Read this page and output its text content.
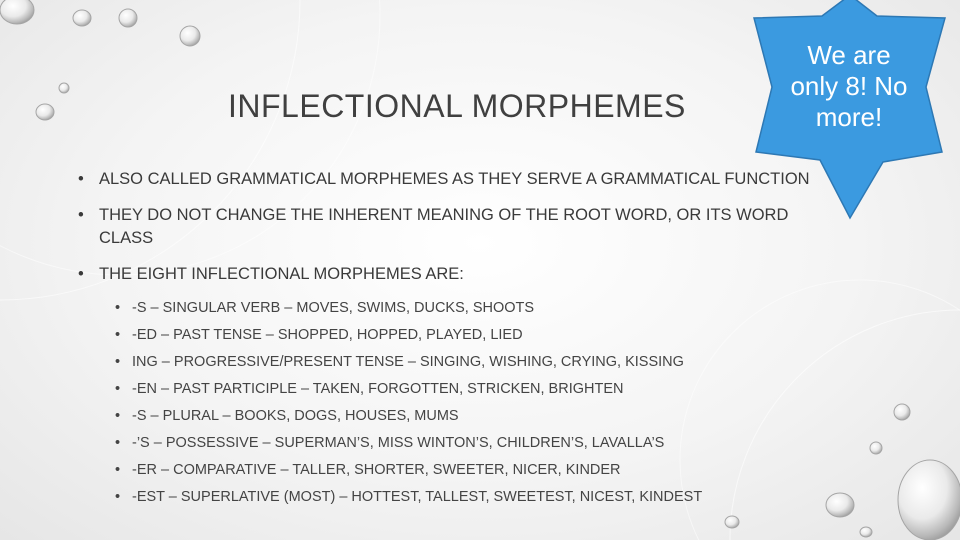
INFLECTIONAL MORPHEMES
• ALSO CALLED GRAMMATICAL MORPHEMES AS THEY SERVE A GRAMMATICAL FUNCTION
• THEY DO NOT CHANGE THE INHERENT MEANING OF THE ROOT WORD, OR ITS WORD CLASS
• THE EIGHT INFLECTIONAL MORPHEMES ARE:
• -S – SINGULAR VERB – MOVES, SWIMS, DUCKS, SHOOTS
• -ED – PAST TENSE – SHOPPED, HOPPED, PLAYED, LIED
• ING – PROGRESSIVE/PRESENT TENSE – SINGING, WISHING, CRYING, KISSING
• -EN – PAST PARTICIPLE – TAKEN, FORGOTTEN, STRICKEN, BRIGHTEN
• -S – PLURAL – BOOKS, DOGS, HOUSES, MUMS
• -’S – POSSESSIVE – SUPERMAN’S, MISS WINTON’S, CHILDREN’S, LAVALLA’S
• -ER – COMPARATIVE – TALLER, SHORTER, SWEETER, NICER, KINDER
• -EST – SUPERLATIVE (MOST) – HOTTEST, TALLEST, SWEETEST, NICEST, KINDEST
We are
only 8! No
more!
